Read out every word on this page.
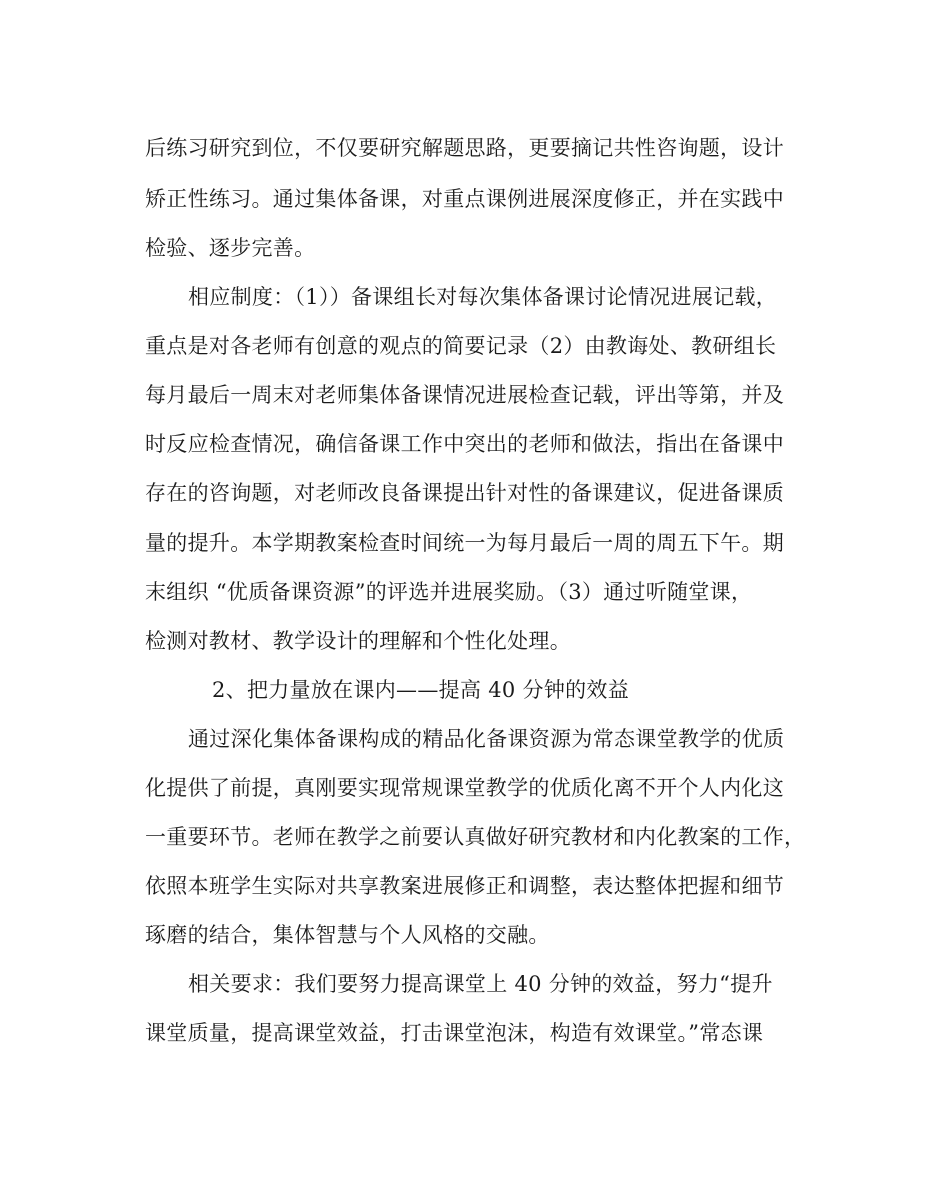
后练习研究到位，不仅要研究解题思路，更要摘记共性咨询题，设计
矫正性练习。通过集体备课，对重点课例进展深度修正，并在实践中
检验、逐步完善。
相应制度：（1））备课组长对每次集体备课讨论情况进展记载，
重点是对各老师有创意的观点的简要记录（2）由教诲处、教研组长
每月最后一周末对老师集体备课情况进展检查记载，评出等第，并及
时反应检查情况，确信备课工作中突出的老师和做法，指出在备课中
存在的咨询题，对老师改良备课提出针对性的备课建议，促进备课质
量的提升。本学期教案检查时间统一为每月最后一周的周五下午。期
末组织 “优质备课资源”的评选并进展奖励。（3）通过听随堂课，
检测对教材、教学设计的理解和个性化处理。
2、把力量放在课内——提高 40 分钟的效益
通过深化集体备课构成的精品化备课资源为常态课堂教学的优质
化提供了前提，真刚要实现常规课堂教学的优质化离不开个人内化这
一重要环节。老师在教学之前要认真做好研究教材和内化教案的工作，
依照本班学生实际对共享教案进展修正和调整，表达整体把握和细节
琢磨的结合，集体智慧与个人风格的交融。
相关要求：我们要努力提高课堂上 40 分钟的效益，努力“提升
课堂质量，提高课堂效益，打击课堂泡沫，构造有效课堂。”常态课
